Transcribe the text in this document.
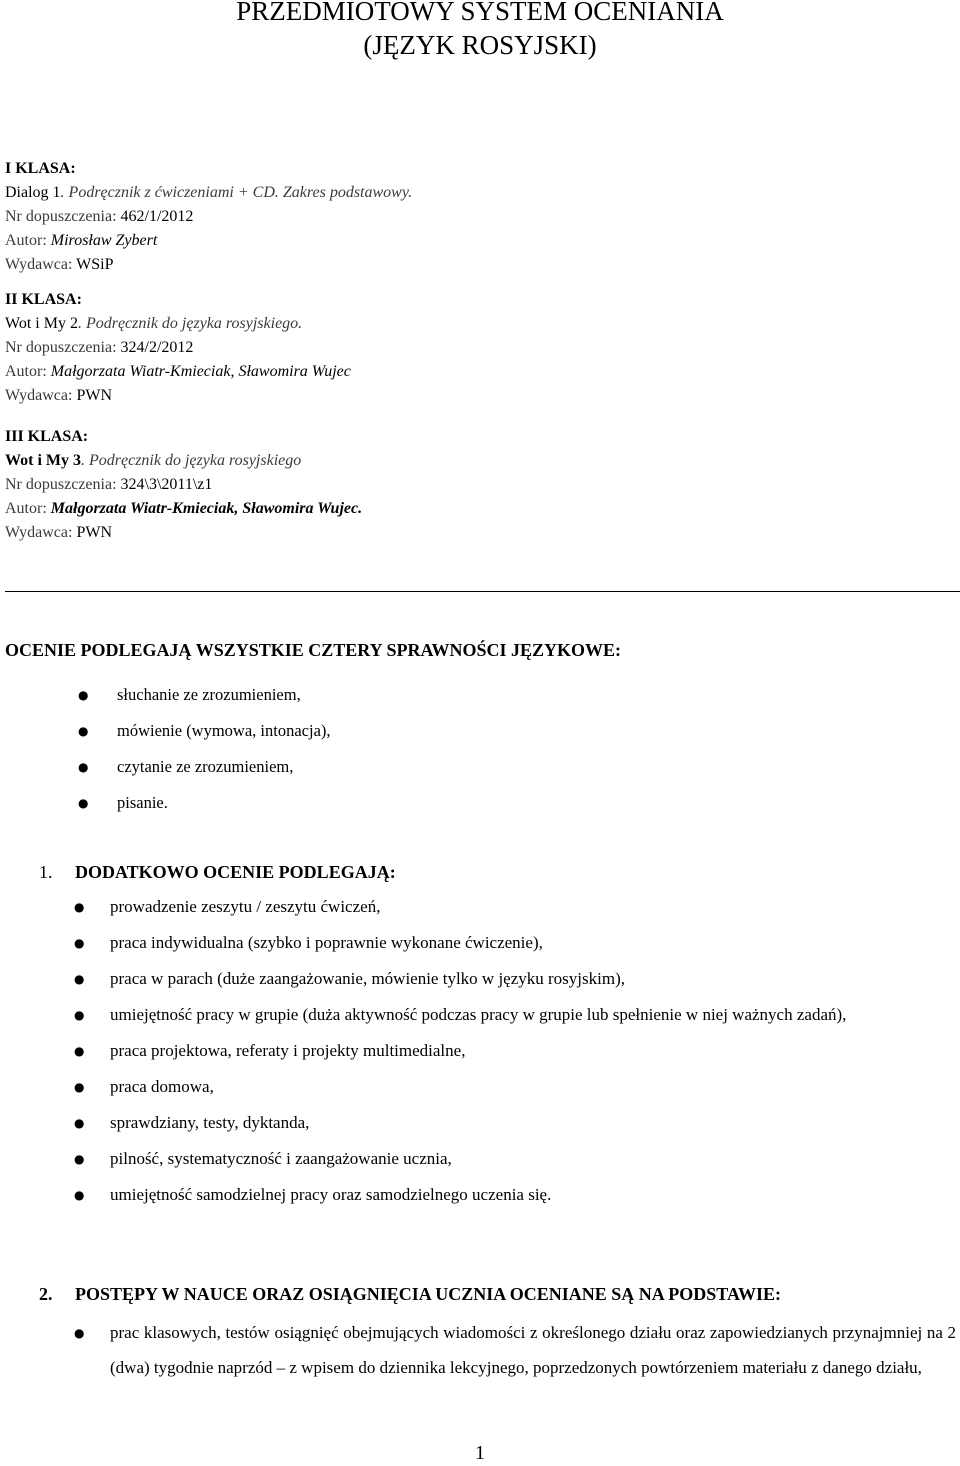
PRZEDMIOTOWY SYSTEM OCENIANIA
(JĘZYK ROSYJSKI)
I KLASA:
Dialog 1. Podręcznik z ćwiczeniami + CD. Zakres podstawowy.
Nr dopuszczenia: 462/1/2012
Autor: Mirosław Zybert
Wydawca: WSiP
II KLASA:
Wot i My 2. Podręcznik do języka rosyjskiego.
Nr dopuszczenia: 324/2/2012
Autor: Małgorzata Wiatr-Kmieciak, Sławomira Wujec
Wydawca: PWN
III KLASA:
Wot i My 3. Podręcznik do języka rosyjskiego
Nr dopuszczenia: 324\3\2011\z1
Autor: Małgorzata Wiatr-Kmieciak, Sławomira Wujec.
Wydawca: PWN
OCENIE PODLEGAJĄ WSZYSTKIE CZTERY SPRAWNOŚCI JĘZYKOWE:
● słuchanie ze zrozumieniem,
● mówienie (wymowa, intonacja),
● czytanie ze zrozumieniem,
● pisanie.
1. DODATKOWO OCENIE PODLEGAJĄ:
● prowadzenie zeszytu / zeszytu ćwiczeń,
● praca indywidualna (szybko i poprawnie wykonane ćwiczenie),
● praca w parach (duże zaangażowanie, mówienie tylko w języku rosyjskim),
● umiejętność pracy w grupie (duża aktywność podczas pracy w grupie lub spełnienie w niej ważnych zadań),
● praca projektowa, referaty i projekty multimedialne,
● praca domowa,
● sprawdziany, testy, dyktanda,
● pilność, systematyczność i zaangażowanie ucznia,
● umiejętność samodzielnej pracy oraz samodzielnego uczenia się.
2. POSTĘPY W NAUCE ORAZ OSIĄGNIĘCIA UCZNIA OCENIANE SĄ NA PODSTAWIE:
● prac klasowych, testów osiągnięć obejmujących wiadomości z określonego działu oraz zapowiedzianych przynajmniej na 2 (dwa) tygodnie naprzód – z wpisem do dziennika lekcyjnego, poprzedzonych powtórzeniem materiału z danego działu,
1
